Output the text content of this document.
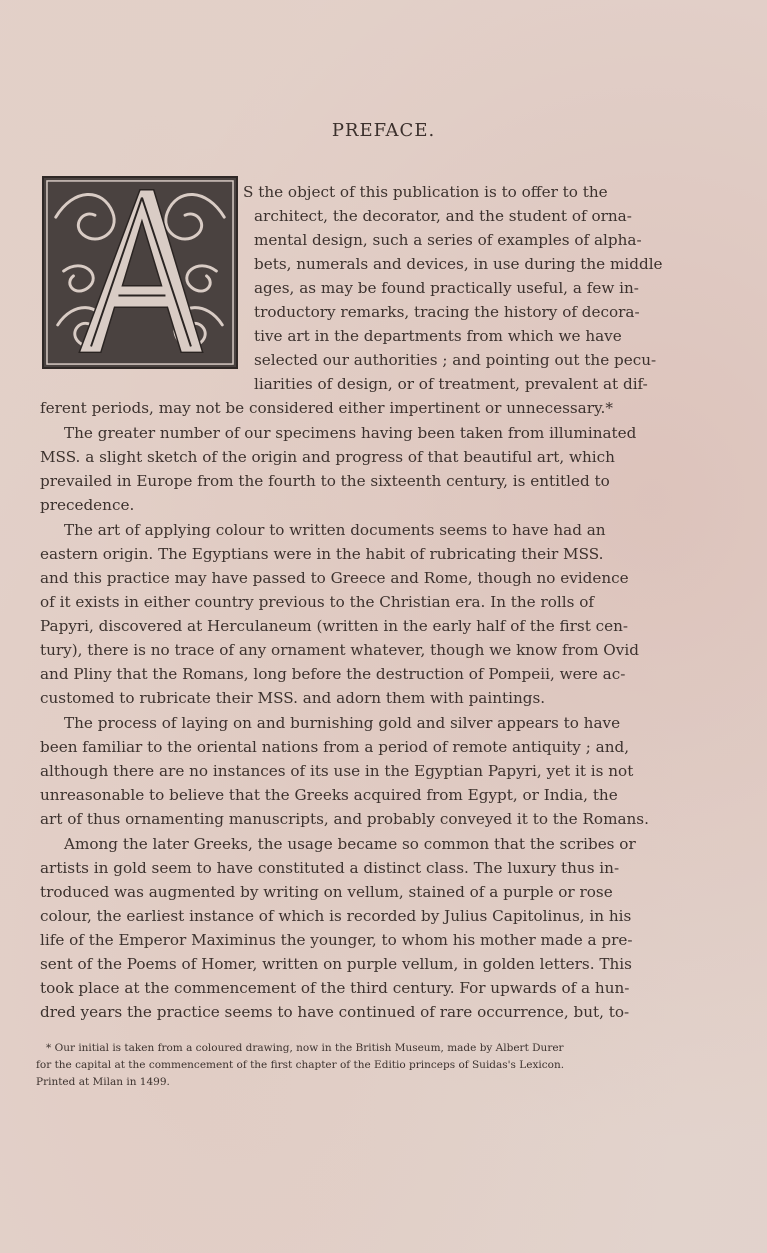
PREFACE.
S the object of this publication is to offer to the
architect, the decorator, and the student of orna-
mental design, such a series of examples of alpha-
bets, numerals and devices, in use during the middle
ages, as may be found practically useful, a few in-
troductory remarks, tracing the history of decora-
tive art in the departments from which we have
selected our authorities ; and pointing out the pecu-
liarities of design, or of treatment, prevalent at dif-
ferent periods, may not be considered either impertinent or unnecessary.*
The greater number of our specimens having been taken from illuminated
MSS. a slight sketch of the origin and progress of that beautiful art, which
prevailed in Europe from the fourth to the sixteenth century, is entitled to
precedence.
The art of applying colour to written documents seems to have had an
eastern origin. The Egyptians were in the habit of rubricating their MSS.
and this practice may have passed to Greece and Rome, though no evidence
of it exists in either country previous to the Christian era. In the rolls of
Papyri, discovered at Herculaneum (written in the early half of the first cen-
tury), there is no trace of any ornament whatever, though we know from Ovid
and Pliny that the Romans, long before the destruction of Pompeii, were ac-
customed to rubricate their MSS. and adorn them with paintings.
The process of laying on and burnishing gold and silver appears to have
been familiar to the oriental nations from a period of remote antiquity ; and,
although there are no instances of its use in the Egyptian Papyri, yet it is not
unreasonable to believe that the Greeks acquired from Egypt, or India, the
art of thus ornamenting manuscripts, and probably conveyed it to the Romans.
Among the later Greeks, the usage became so common that the scribes or
artists in gold seem to have constituted a distinct class. The luxury thus in-
troduced was augmented by writing on vellum, stained of a purple or rose
colour, the earliest instance of which is recorded by Julius Capitolinus, in his
life of the Emperor Maximinus the younger, to whom his mother made a pre-
sent of the Poems of Homer, written on purple vellum, in golden letters. This
took place at the commencement of the third century. For upwards of a hun-
dred years the practice seems to have continued of rare occurrence, but, to-
* Our initial is taken from a coloured drawing, now in the British Museum, made by Albert Durer
for the capital at the commencement of the first chapter of the Editio princeps of Suidas's Lexicon.
Printed at Milan in 1499.
